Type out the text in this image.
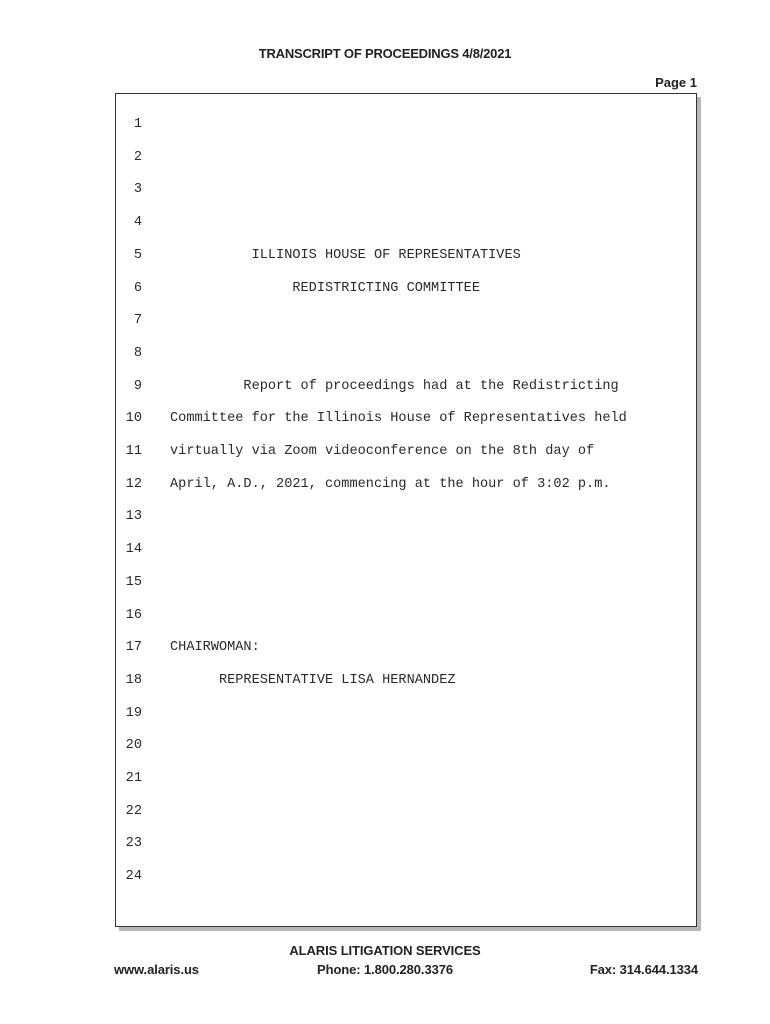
TRANSCRIPT OF PROCEEDINGS 4/8/2021
Page 1
1
2
3
4
5 ILLINOIS HOUSE OF REPRESENTATIVES
6 REDISTRICTING COMMITTEE
7
8
9 Report of proceedings had at the Redistricting
10 Committee for the Illinois House of Representatives held
11 virtually via Zoom videoconference on the 8th day of
12 April, A.D., 2021, commencing at the hour of 3:02 p.m.
13
14
15
16
17 CHAIRWOMAN:
18 REPRESENTATIVE LISA HERNANDEZ
19
20
21
22
23
24
ALARIS LITIGATION SERVICES
www.alaris.us	Phone: 1.800.280.3376	Fax: 314.644.1334
